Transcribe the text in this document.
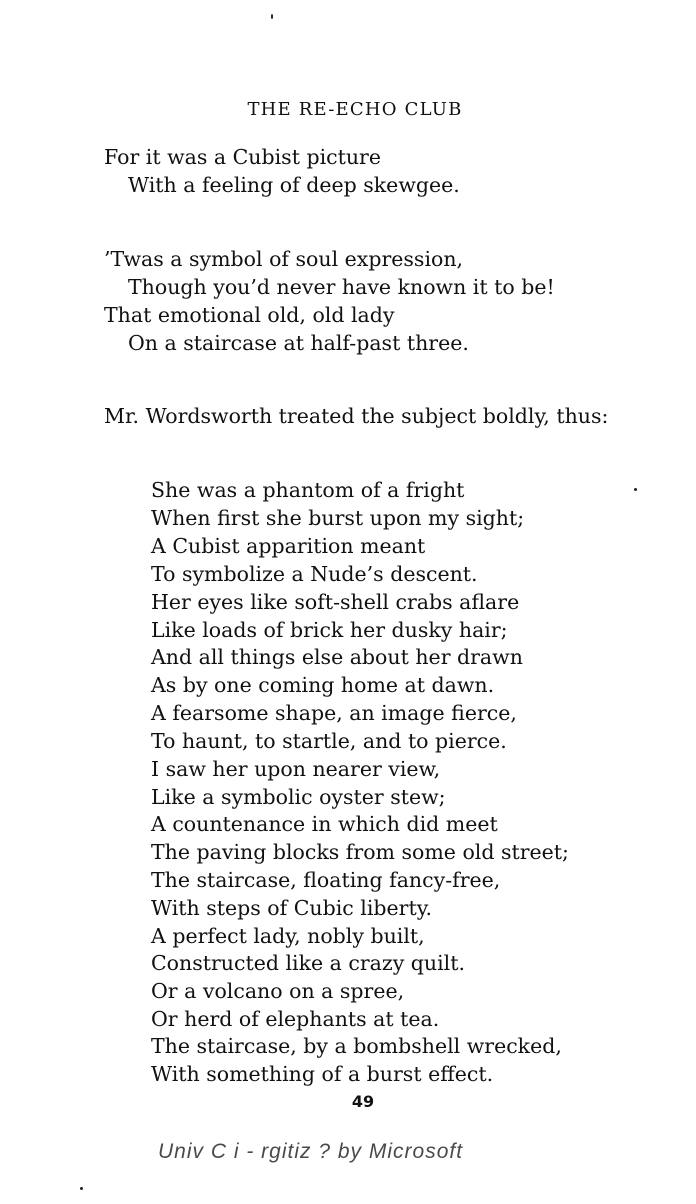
THE RE-ECHO CLUB
For it was a Cubist picture
With a feeling of deep skewgee.
’Twas a symbol of soul expression,
Though you’d never have known it to be!
That emotional old, old lady
On a staircase at half-past three.
Mr. Wordsworth treated the subject boldly, thus:
She was a phantom of a fright
When first she burst upon my sight;
A Cubist apparition meant
To symbolize a Nude’s descent.
Her eyes like soft-shell crabs aflare
Like loads of brick her dusky hair;
And all things else about her drawn
As by one coming home at dawn.
A fearsome shape, an image fierce,
To haunt, to startle, and to pierce.
I saw her upon nearer view,
Like a symbolic oyster stew;
A countenance in which did meet
The paving blocks from some old street;
The staircase, floating fancy-free,
With steps of Cubic liberty.
A perfect lady, nobly built,
Constructed like a crazy quilt.
Or a volcano on a spree,
Or herd of elephants at tea.
The staircase, by a bombshell wrecked,
With something of a burst effect.
49
Univ C i - rgitiz ? by Microsoft
